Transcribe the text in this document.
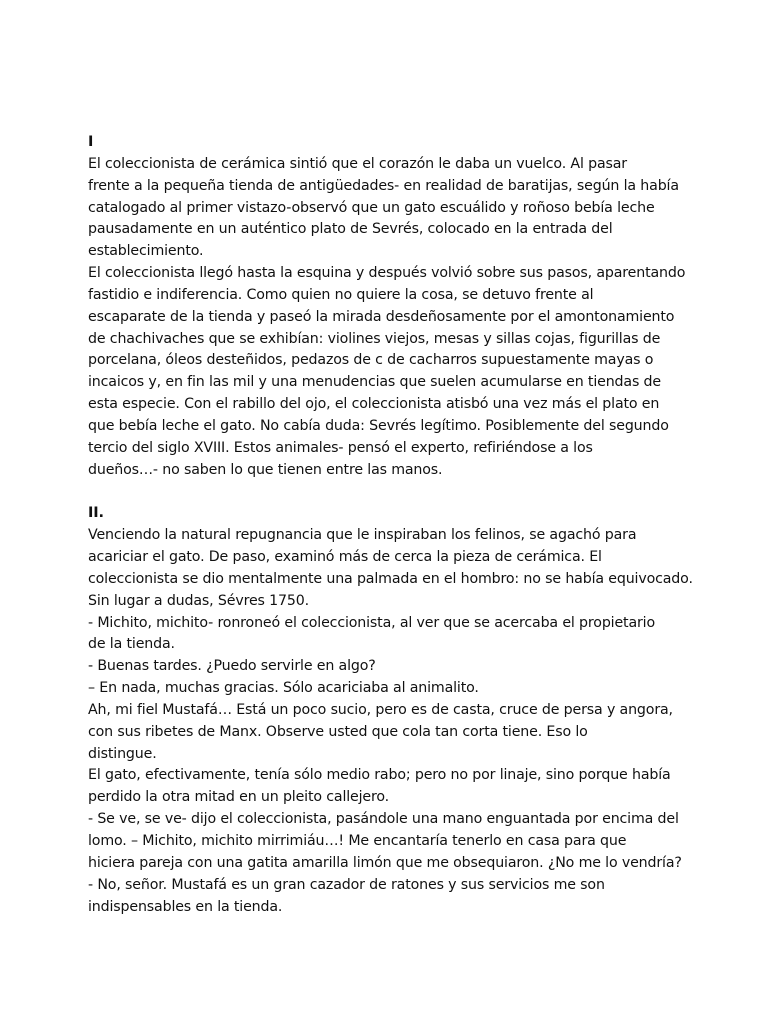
I
El coleccionista de cerámica sintió que el corazón le daba un vuelco. Al pasar
frente a la pequeña tienda de antigüedades- en realidad de baratijas, según la había
catalogado al primer vistazo-observó que un gato escuálido y roñoso bebía leche
pausadamente en un auténtico plato de Sevrés, colocado en la entrada del
establecimiento.
El coleccionista llegó hasta la esquina y después volvió sobre sus pasos, aparentando
fastidio e indiferencia. Como quien no quiere la cosa, se detuvo frente al
escaparate de la tienda y paseó la mirada desdeñosamente por el amontonamiento
de chachivaches que se exhibían: violines viejos, mesas y sillas cojas, figurillas de
porcelana, óleos desteñidos, pedazos de c de cacharros supuestamente mayas o
incaicos y, en fin las mil y una menudencias que suelen acumularse en tiendas de
esta especie. Con el rabillo del ojo, el coleccionista atisbó una vez más el plato en
que bebía leche el gato. No cabía duda: Sevrés legítimo. Posiblemente del segundo
tercio del siglo XVIII. Estos animales- pensó el experto, refiriéndose a los
dueños…- no saben lo que tienen entre las manos.
II.
Venciendo la natural repugnancia que le inspiraban los felinos, se agachó para
acariciar el gato. De paso, examinó más de cerca la pieza de cerámica. El
coleccionista se dio mentalmente una palmada en el hombro: no se había equivocado.
Sin lugar a dudas, Sévres 1750.
- Michito, michito- ronroneó el coleccionista, al ver que se acercaba el propietario
de la tienda.
- Buenas tardes. ¿Puedo servirle en algo?
– En nada, muchas gracias. Sólo acariciaba al animalito.
Ah, mi fiel Mustafá… Está un poco sucio, pero es de casta, cruce de persa y angora,
con sus ribetes de Manx. Observe usted que cola tan corta tiene. Eso lo
distingue.
El gato, efectivamente, tenía sólo medio rabo; pero no por linaje, sino porque había
perdido la otra mitad en un pleito callejero.
- Se ve, se ve- dijo el coleccionista, pasándole una mano enguantada por encima del
lomo. – Michito, michito mirrimiáu…! Me encantaría tenerlo en casa para que
hiciera pareja con una gatita amarilla limón que me obsequiaron. ¿No me lo vendría?
- No, señor. Mustafá es un gran cazador de ratones y sus servicios me son
indispensables en la tienda.
